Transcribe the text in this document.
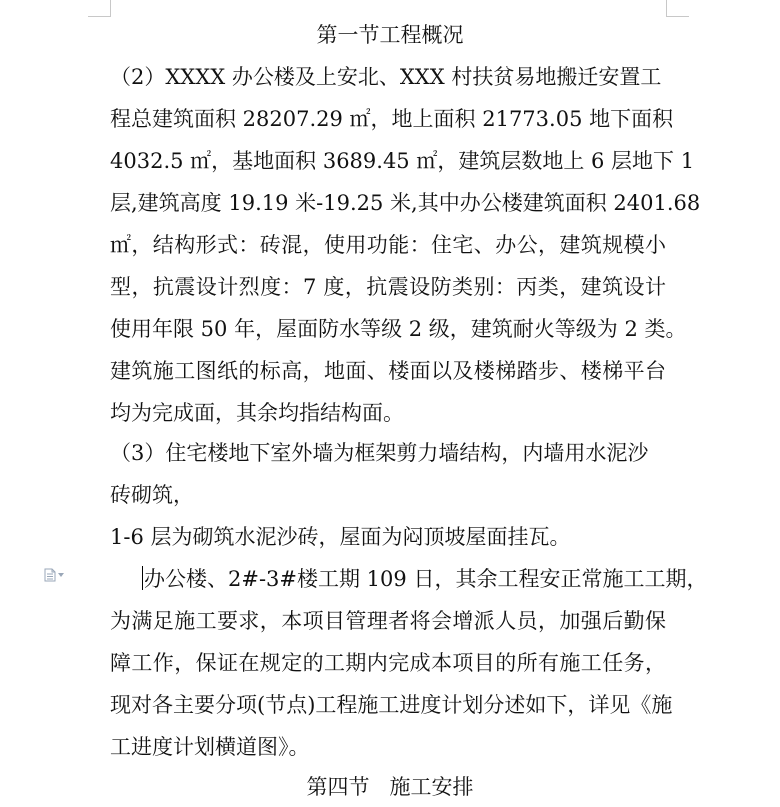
第一节工程概况
（2）XXXX 办公楼及上安北、XXX 村扶贫易地搬迁安置工
程总建筑面积 28207.29 ㎡，地上面积 21773.05 地下面积
4032.5 ㎡，基地面积 3689.45 ㎡，建筑层数地上 6 层地下 1
层,建筑高度 19.19 米-19.25 米,其中办公楼建筑面积 2401.68
㎡，结构形式：砖混，使用功能：住宅、办公，建筑规模小
型，抗震设计烈度：7 度，抗震设防类别：丙类，建筑设计
使用年限 50 年，屋面防水等级 2 级，建筑耐火等级为 2 类。
建筑施工图纸的标高，地面、楼面以及楼梯踏步、楼梯平台
均为完成面，其余均指结构面。
（3）住宅楼地下室外墙为框架剪力墙结构，内墙用水泥沙
砖砌筑，
1-6 层为砌筑水泥沙砖，屋面为闷顶坡屋面挂瓦。
办公楼、2#-3#楼工期 109 日，其余工程安正常施工工期，
为满足施工要求，本项目管理者将会增派人员，加强后勤保
障工作，保证在规定的工期内完成本项目的所有施工任务，
现对各主要分项(节点)工程施工进度计划分述如下，详见《施
工进度计划横道图》。
第四节   施工安排
